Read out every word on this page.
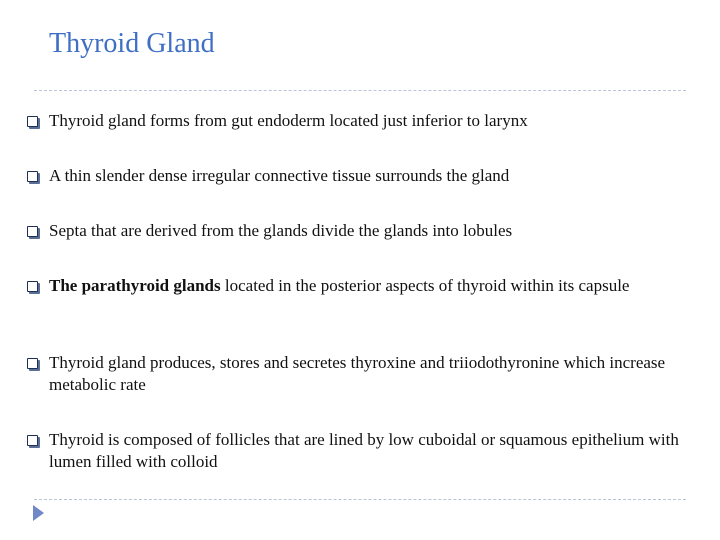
Thyroid Gland
Thyroid gland forms from gut endoderm located just inferior to larynx
A thin slender dense irregular connective tissue surrounds the gland
Septa that are derived from the glands divide the glands into lobules
The parathyroid glands located in the posterior aspects of thyroid within its capsule
Thyroid gland produces, stores and secretes thyroxine and triiodothyronine which increase metabolic rate
Thyroid is composed of follicles that are lined by low cuboidal or squamous epithelium with lumen filled with colloid
